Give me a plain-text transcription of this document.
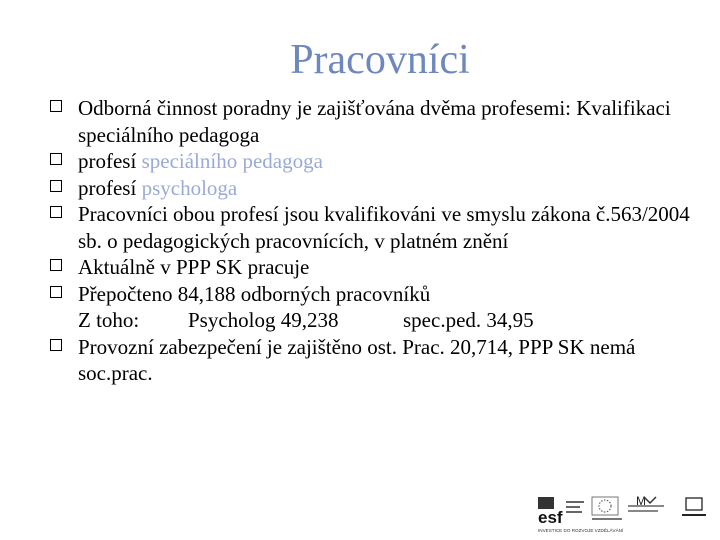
Pracovníci
Odborná činnost poradny je zajišťována dvěma profesemi: Kvalifikaci speciálního pedagoga
profesí speciálního pedagoga
profesí psychologa
Pracovníci obou profesí jsou kvalifikováni ve smyslu zákona č.563/2004 sb. o pedagogických pracovnících, v platném znění
Aktuálně v PPP SK pracuje
Přepočteno 84,188 odborných pracovníků
Z toho: Psycholog 49,238	spec.ped. 34,95
Provozní zabezpečení je zajištěno ost. Prac. 20,714, PPP SK nemá soc.prac.
esf
M
INVESTICE DO ROZVOJE VZDĚLÁVÁNÍ
